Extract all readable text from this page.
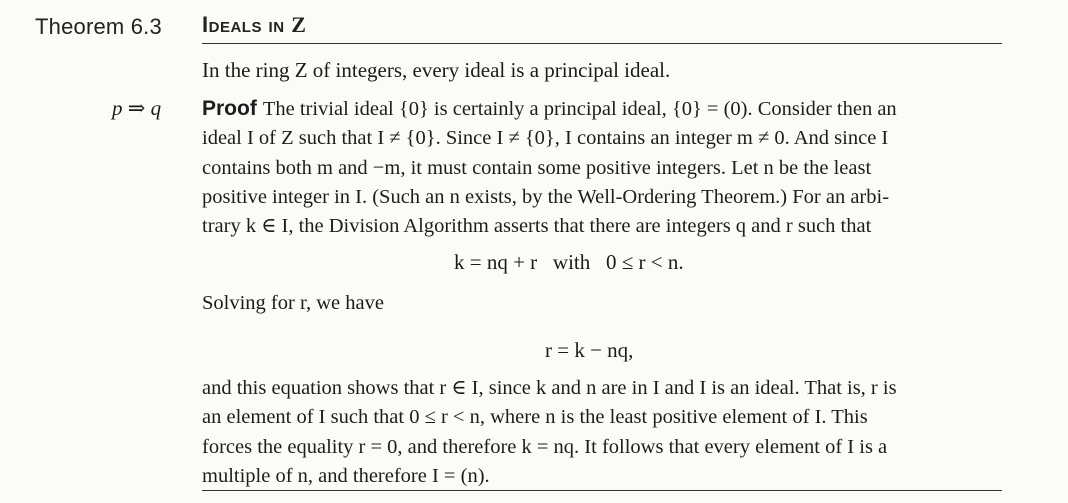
Theorem 6.3 Ideals in Z
In the ring Z of integers, every ideal is a principal ideal.
p ⇒ q Proof The trivial ideal {0} is certainly a principal ideal, {0} = (0). Consider then an
ideal I of Z such that I ≠ {0}. Since I ≠ {0}, I contains an integer m ≠ 0. And since I
contains both m and −m, it must contain some positive integers. Let n be the least
positive integer in I. (Such an n exists, by the Well-Ordering Theorem.) For an arbi-
trary k ∈ I, the Division Algorithm asserts that there are integers q and r such that
k = nq + r   with   0 ≤ r < n.
Solving for r, we have
r = k − nq,
and this equation shows that r ∈ I, since k and n are in I and I is an ideal. That is, r is
an element of I such that 0 ≤ r < n, where n is the least positive element of I. This
forces the equality r = 0, and therefore k = nq. It follows that every element of I is a
multiple of n, and therefore I = (n).
